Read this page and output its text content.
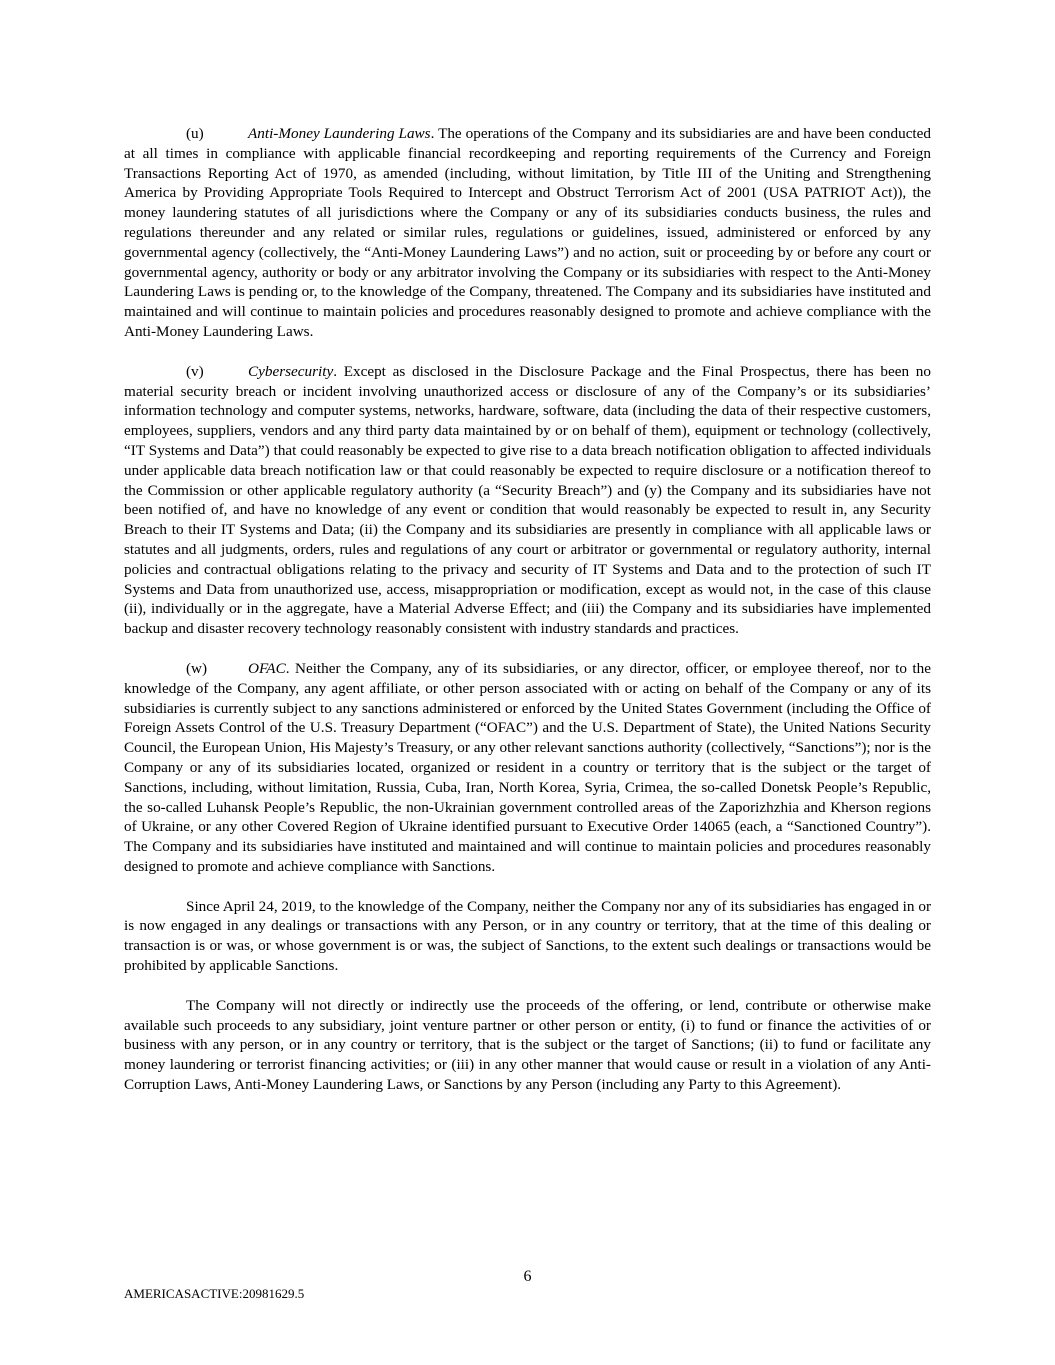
(u)	Anti-Money Laundering Laws. The operations of the Company and its subsidiaries are and have been conducted at all times in compliance with applicable financial recordkeeping and reporting requirements of the Currency and Foreign Transactions Reporting Act of 1970, as amended (including, without limitation, by Title III of the Uniting and Strengthening America by Providing Appropriate Tools Required to Intercept and Obstruct Terrorism Act of 2001 (USA PATRIOT Act)), the money laundering statutes of all jurisdictions where the Company or any of its subsidiaries conducts business, the rules and regulations thereunder and any related or similar rules, regulations or guidelines, issued, administered or enforced by any governmental agency (collectively, the “Anti-Money Laundering Laws”) and no action, suit or proceeding by or before any court or governmental agency, authority or body or any arbitrator involving the Company or its subsidiaries with respect to the Anti-Money Laundering Laws is pending or, to the knowledge of the Company, threatened. The Company and its subsidiaries have instituted and maintained and will continue to maintain policies and procedures reasonably designed to promote and achieve compliance with the Anti-Money Laundering Laws.

(v)	Cybersecurity. Except as disclosed in the Disclosure Package and the Final Prospectus, there has been no material security breach or incident involving unauthorized access or disclosure of any of the Company’s or its subsidiaries’ information technology and computer systems, networks, hardware, software, data (including the data of their respective customers, employees, suppliers, vendors and any third party data maintained by or on behalf of them), equipment or technology (collectively, “IT Systems and Data”) that could reasonably be expected to give rise to a data breach notification obligation to affected individuals under applicable data breach notification law or that could reasonably be expected to require disclosure or a notification thereof to the Commission or other applicable regulatory authority (a “Security Breach”) and (y) the Company and its subsidiaries have not been notified of, and have no knowledge of any event or condition that would reasonably be expected to result in, any Security Breach to their IT Systems and Data; (ii) the Company and its subsidiaries are presently in compliance with all applicable laws or statutes and all judgments, orders, rules and regulations of any court or arbitrator or governmental or regulatory authority, internal policies and contractual obligations relating to the privacy and security of IT Systems and Data and to the protection of such IT Systems and Data from unauthorized use, access, misappropriation or modification, except as would not, in the case of this clause (ii), individually or in the aggregate, have a Material Adverse Effect; and (iii) the Company and its subsidiaries have implemented backup and disaster recovery technology reasonably consistent with industry standards and practices.

(w)	OFAC. Neither the Company, any of its subsidiaries, or any director, officer, or employee thereof, nor to the knowledge of the Company, any agent affiliate, or other person associated with or acting on behalf of the Company or any of its subsidiaries is currently subject to any sanctions administered or enforced by the United States Government (including the Office of Foreign Assets Control of the U.S. Treasury Department (“OFAC”) and the U.S. Department of State), the United Nations Security Council, the European Union, His Majesty’s Treasury, or any other relevant sanctions authority (collectively, “Sanctions”); nor is the Company or any of its subsidiaries located, organized or resident in a country or territory that is the subject or the target of Sanctions, including, without limitation, Russia, Cuba, Iran, North Korea, Syria, Crimea, the so-called Donetsk People’s Republic, the so-called Luhansk People’s Republic, the non-Ukrainian government controlled areas of the Zaporizhzhia and Kherson regions of Ukraine, or any other Covered Region of Ukraine identified pursuant to Executive Order 14065 (each, a “Sanctioned Country”). The Company and its subsidiaries have instituted and maintained and will continue to maintain policies and procedures reasonably designed to promote and achieve compliance with Sanctions.

Since April 24, 2019, to the knowledge of the Company, neither the Company nor any of its subsidiaries has engaged in or is now engaged in any dealings or transactions with any Person, or in any country or territory, that at the time of this dealing or transaction is or was, or whose government is or was, the subject of Sanctions, to the extent such dealings or transactions would be prohibited by applicable Sanctions.

The Company will not directly or indirectly use the proceeds of the offering, or lend, contribute or otherwise make available such proceeds to any subsidiary, joint venture partner or other person or entity, (i) to fund or finance the activities of or business with any person, or in any country or territory, that is the subject or the target of Sanctions; (ii) to fund or facilitate any money laundering or terrorist financing activities; or (iii) in any other manner that would cause or result in a violation of any Anti-Corruption Laws, Anti-Money Laundering Laws, or Sanctions by any Person (including any Party to this Agreement).

6
AMERICASACTIVE:20981629.5
